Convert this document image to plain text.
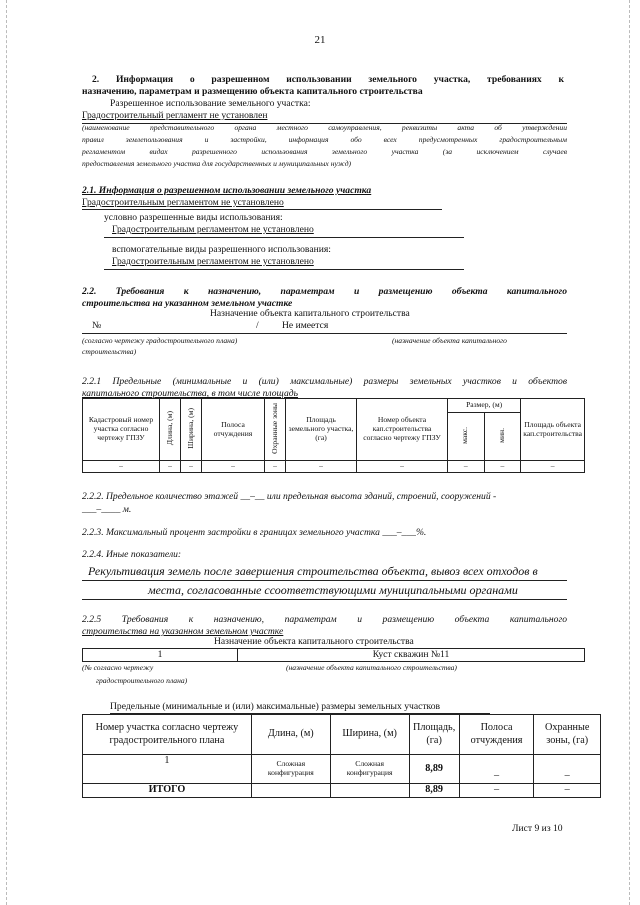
21
2. Информация о разрешенном использовании земельного участка, требованиях к
назначению, параметрам и размещению объекта капитального строительства
Разрешенное использование земельного участка:
Градостроительный регламент не установлен
(наименование представительного органа местного самоуправления, реквизиты акта об утверждении
правил землепользования и застройки, информация обо всех предусмотренных градостроительным
регламентом видах разрешенного использования земельного участка (за исключением случаев
предоставления земельного участка для государственных и муниципальных нужд)
2.1. Информация о разрешенном использовании земельного участка
Градостроительным регламентом не установлено
условно разрешенные виды использования:
Градостроительным регламентом не установлено
вспомогательные виды разрешенного использования:
Градостроительным регламентом не установлено
2.2. Требования к назначению, параметрам и размещению объекта капитального
строительства на указанном земельном участке
Назначение объекта капитального строительства
№	/ Не имеется
(согласно чертежу градостроительного плана)	(назначение объекта капитального
строительства)
2.2.1 Предельные (минимальные и (или) максимальные) размеры земельных участков и объектов
капитального строительства, в том числе площадь
Кадастровый номер участка согласно чертежу ГПЗУ	Длина, (м)	Ширина, (м)	Полоса отчуждения	Охранные зоны	Площадь земельного участка, (га)	Номер объекта кап.строительства согласно чертежу ГПЗУ	Размер, (м)		Площадь объекта кап.строительства
							макс.	мин.	
–	–	–	–	–	–	–	–	–	–
2.2.2. Предельное количество этажей __–__ или предельная высота зданий, строений, сооружений -
___–____ м.
2.2.3. Максимальный процент застройки в границах земельного участка ___–___%.
2.2.4. Иные показатели:
Рекультивация земель после завершения строительства объекта, вывоз всех отходов в
места, согласованные ссоответствующими муниципальными органами
2.2.5 Требования к назначению, параметрам и размещению объекта капитального
строительства на указанном земельном участке
Назначение объекта капитального строительства
1	Куст скважин №11
(№ согласно чертежу	(назначение объекта капитального строительства)
градостроительного плана)
Предельные (минимальные и (или) максимальные) размеры земельных участков
Номер участка согласно чертежу градостроительного плана	Длина, (м)	Ширина, (м)	Площадь, (га)	Полоса отчуждения	Охранные зоны, (га)
1	Сложная конфигурация	Сложная конфигурация	8,89	–	–
ИТОГО			8,89	–	–
Лист 9 из 10
